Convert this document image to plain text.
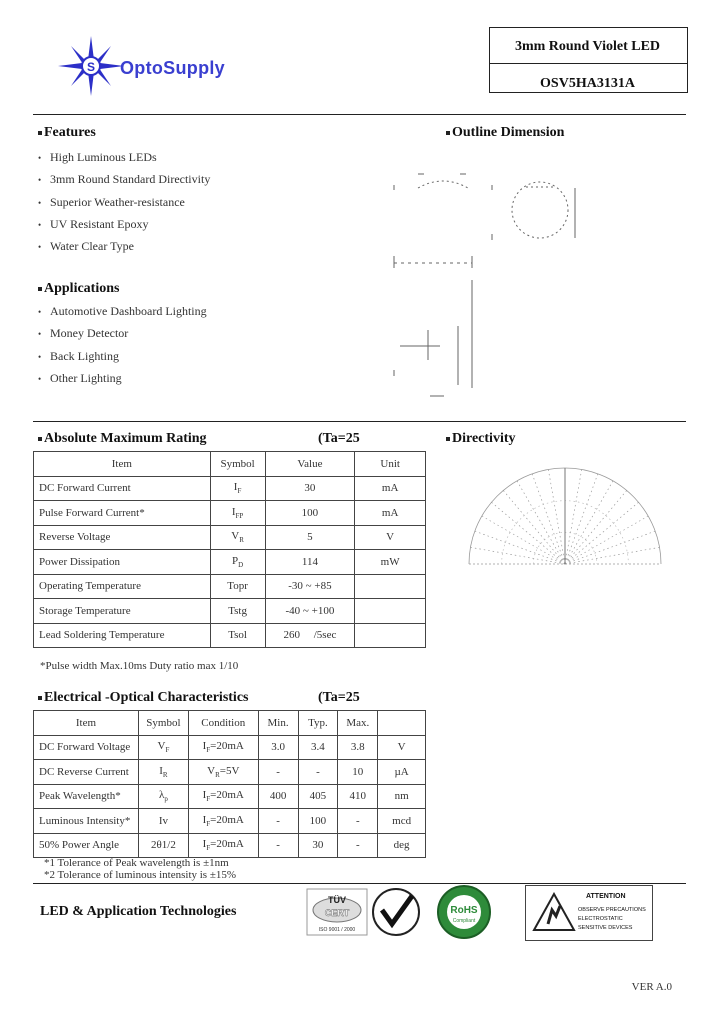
S OptoSupply
3mm Round Violet LED
OSV5HA3131A
Features
• High Luminous LEDs
• 3mm Round Standard Directivity
• Superior Weather-resistance
• UV Resistant Epoxy
• Water Clear Type
Applications
• Automotive Dashboard Lighting
• Money Detector
• Back Lighting
• Other Lighting
Outline Dimension
Absolute Maximum Rating	(Ta=25
Item	Symbol	Value	Unit
DC Forward Current	$I_F$	30	mA
Pulse Forward Current*	$I_{FP}$	100	mA
Reverse Voltage	$V_R$	5	V
Power Dissipation	$P_D$	114	mW
Operating Temperature	Topr	-30 ~ +85	
Storage Temperature	Tstg	-40 ~ +100	
Lead Soldering Temperature	Tsol	260     /5sec	
*Pulse width Max.10ms Duty ratio max 1/10
Directivity
Electrical -Optical Characteristics	(Ta=25
Item	Symbol	Condition	Min.	Typ.	Max.	
DC Forward Voltage	$V_F$	$I_F=20mA$	3.0	3.4	3.8	V
DC Reverse Current	$I_R$	$V_R=5V$	-	-	10	µA
Peak Wavelength*	$\lambda_p$	$I_F=20mA$	400	405	410	nm
Luminous Intensity*	Iv	$I_F=20mA$	-	100	-	mcd
50% Power Angle	2θ1/2	$I_F=20mA$	-	30	-	deg
*1 Tolerance of Peak wavelength is ±1nm
*2 Tolerance of luminous intensity is ±15%
LED & Application Technologies
TÜV
CERT
ISO 9001 / 2000
RoHS
Compliant
ATTENTION
OBSERVE PRECAUTIONS
ELECTROSTATIC
SENSITIVE DEVICES
VER A.0
